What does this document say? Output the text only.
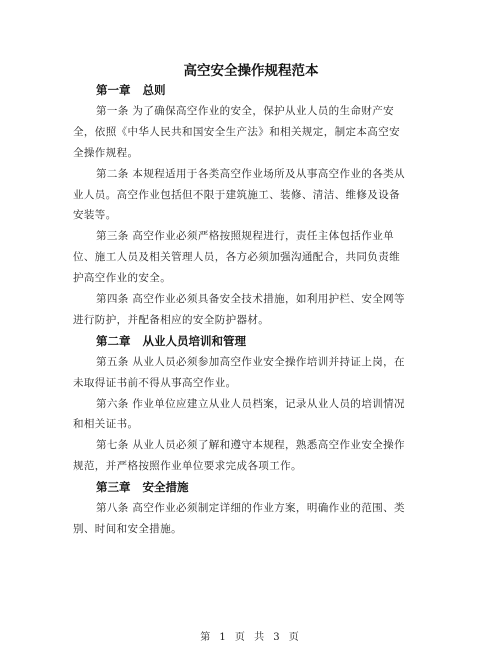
高空安全操作规程范本
第一章 总则
第一条 为了确保高空作业的安全，保护从业人员的生命财产安
全，依照《中华人民共和国安全生产法》和相关规定，制定本高空安
全操作规程。
第二条 本规程适用于各类高空作业场所及从事高空作业的各类从
业人员。高空作业包括但不限于建筑施工、装修、清洁、维修及设备
安装等。
第三条 高空作业必须严格按照规程进行，责任主体包括作业单
位、施工人员及相关管理人员，各方必须加强沟通配合，共同负责维
护高空作业的安全。
第四条 高空作业必须具备安全技术措施，如利用护栏、安全网等
进行防护，并配备相应的安全防护器材。
第二章 从业人员培训和管理
第五条 从业人员必须参加高空作业安全操作培训并持证上岗，在
未取得证书前不得从事高空作业。
第六条 作业单位应建立从业人员档案，记录从业人员的培训情况
和相关证书。
第七条 从业人员必须了解和遵守本规程，熟悉高空作业安全操作
规范，并严格按照作业单位要求完成各项工作。
第三章 安全措施
第八条 高空作业必须制定详细的作业方案，明确作业的范围、类
别、时间和安全措施。
第 1 页 共 3 页
